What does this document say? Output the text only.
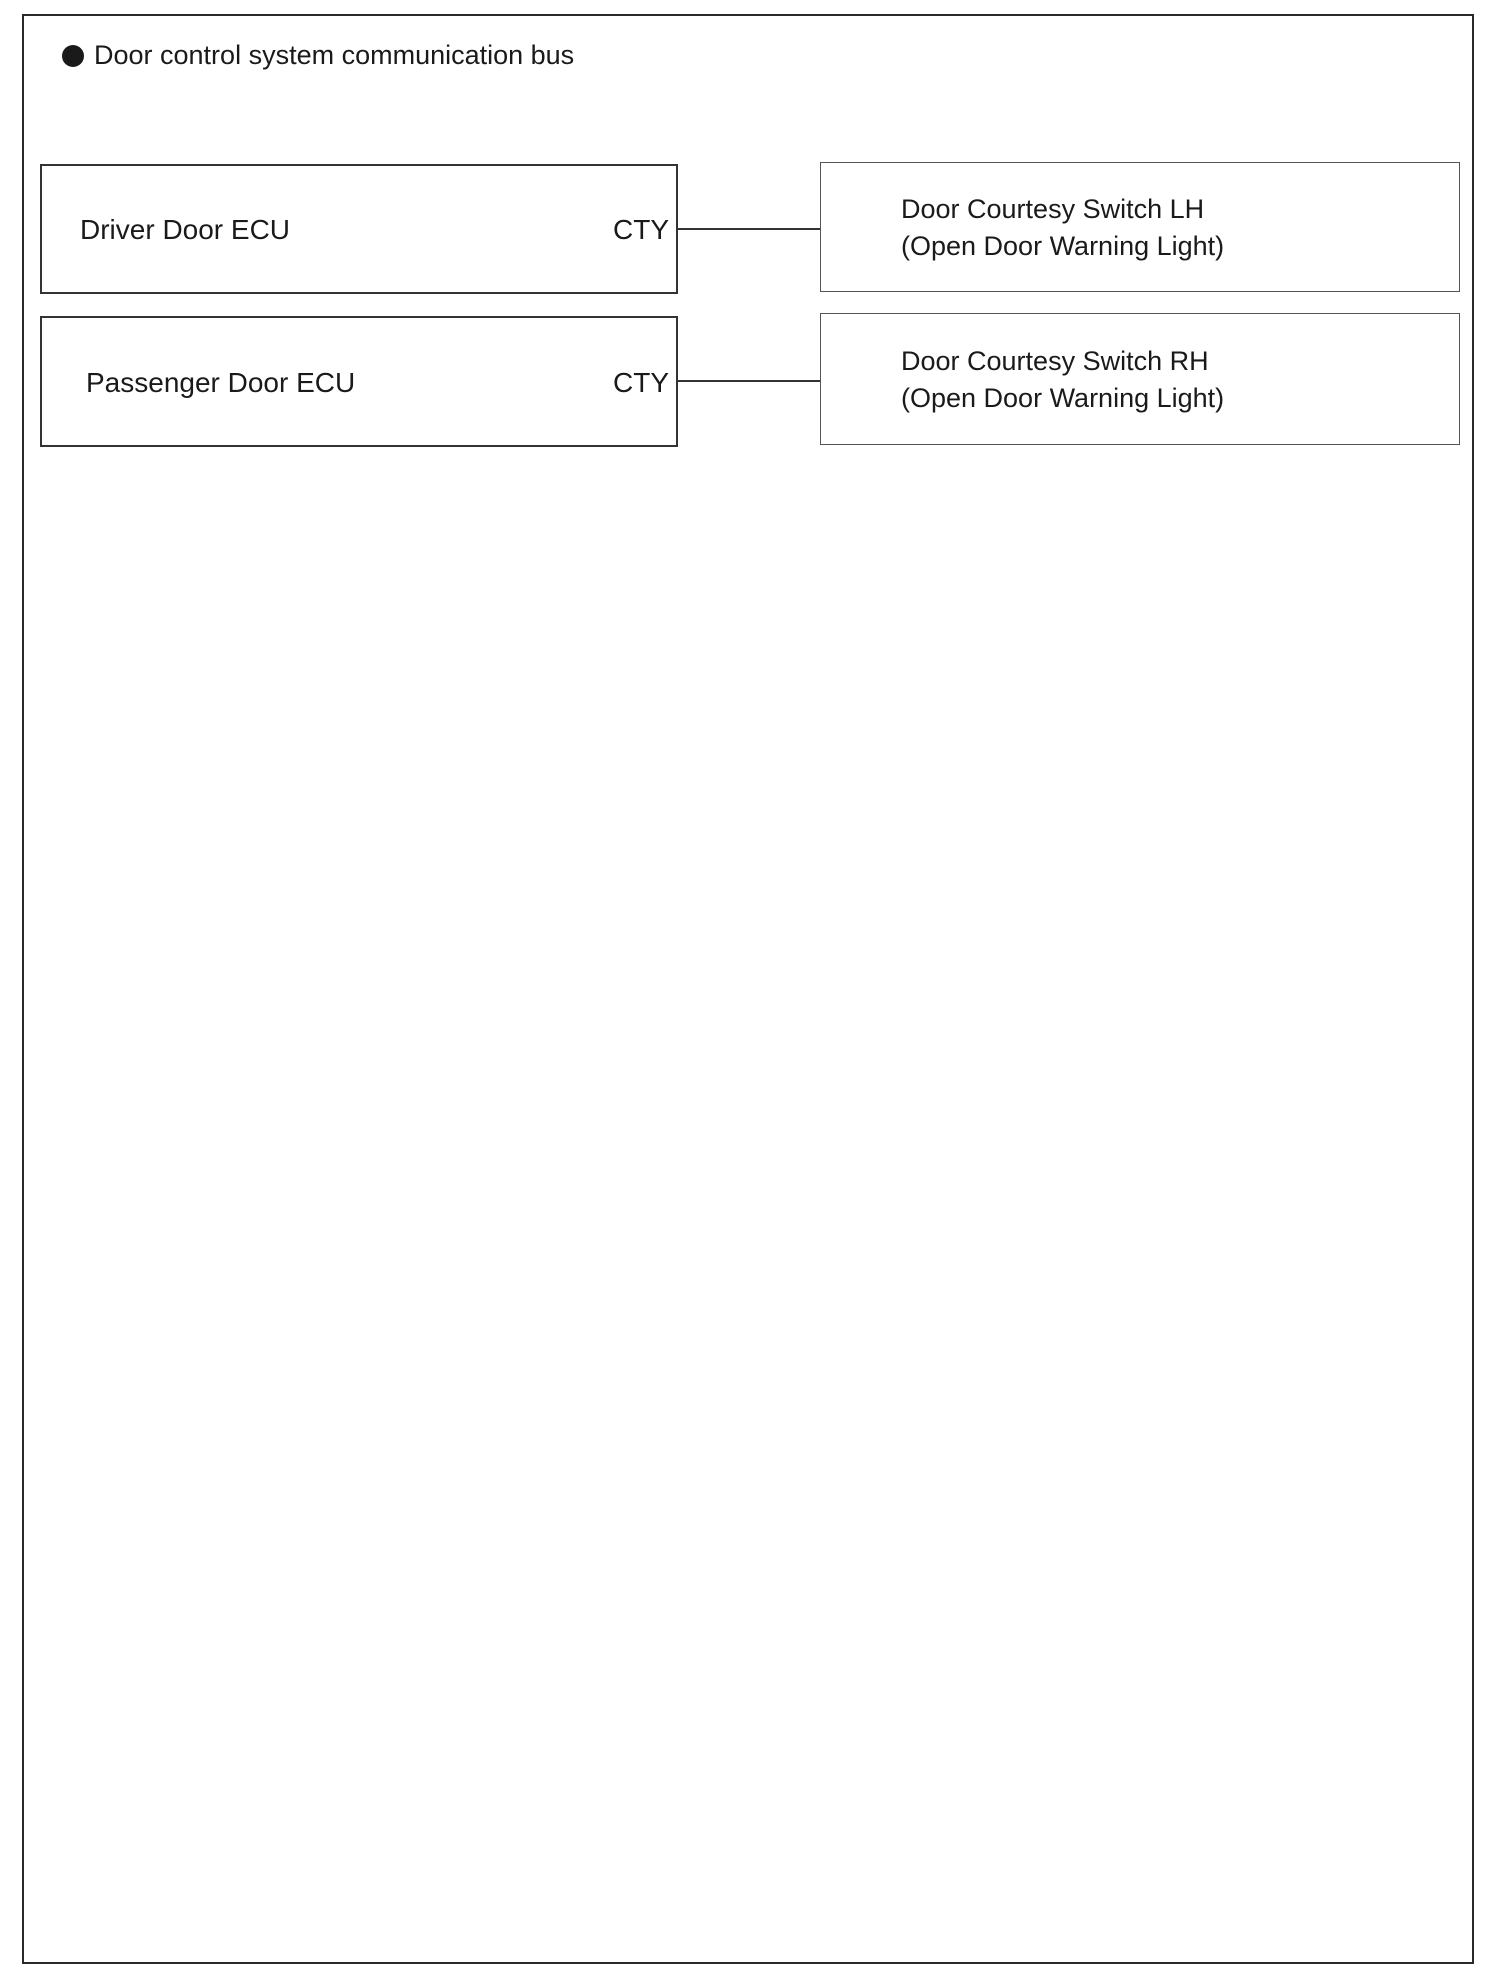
Door control system communication bus
Driver Door ECU	CTY
Passenger Door ECU	CTY
Door Courtesy Switch LH
(Open Door Warning Light)
Door Courtesy Switch RH
(Open Door Warning Light)
